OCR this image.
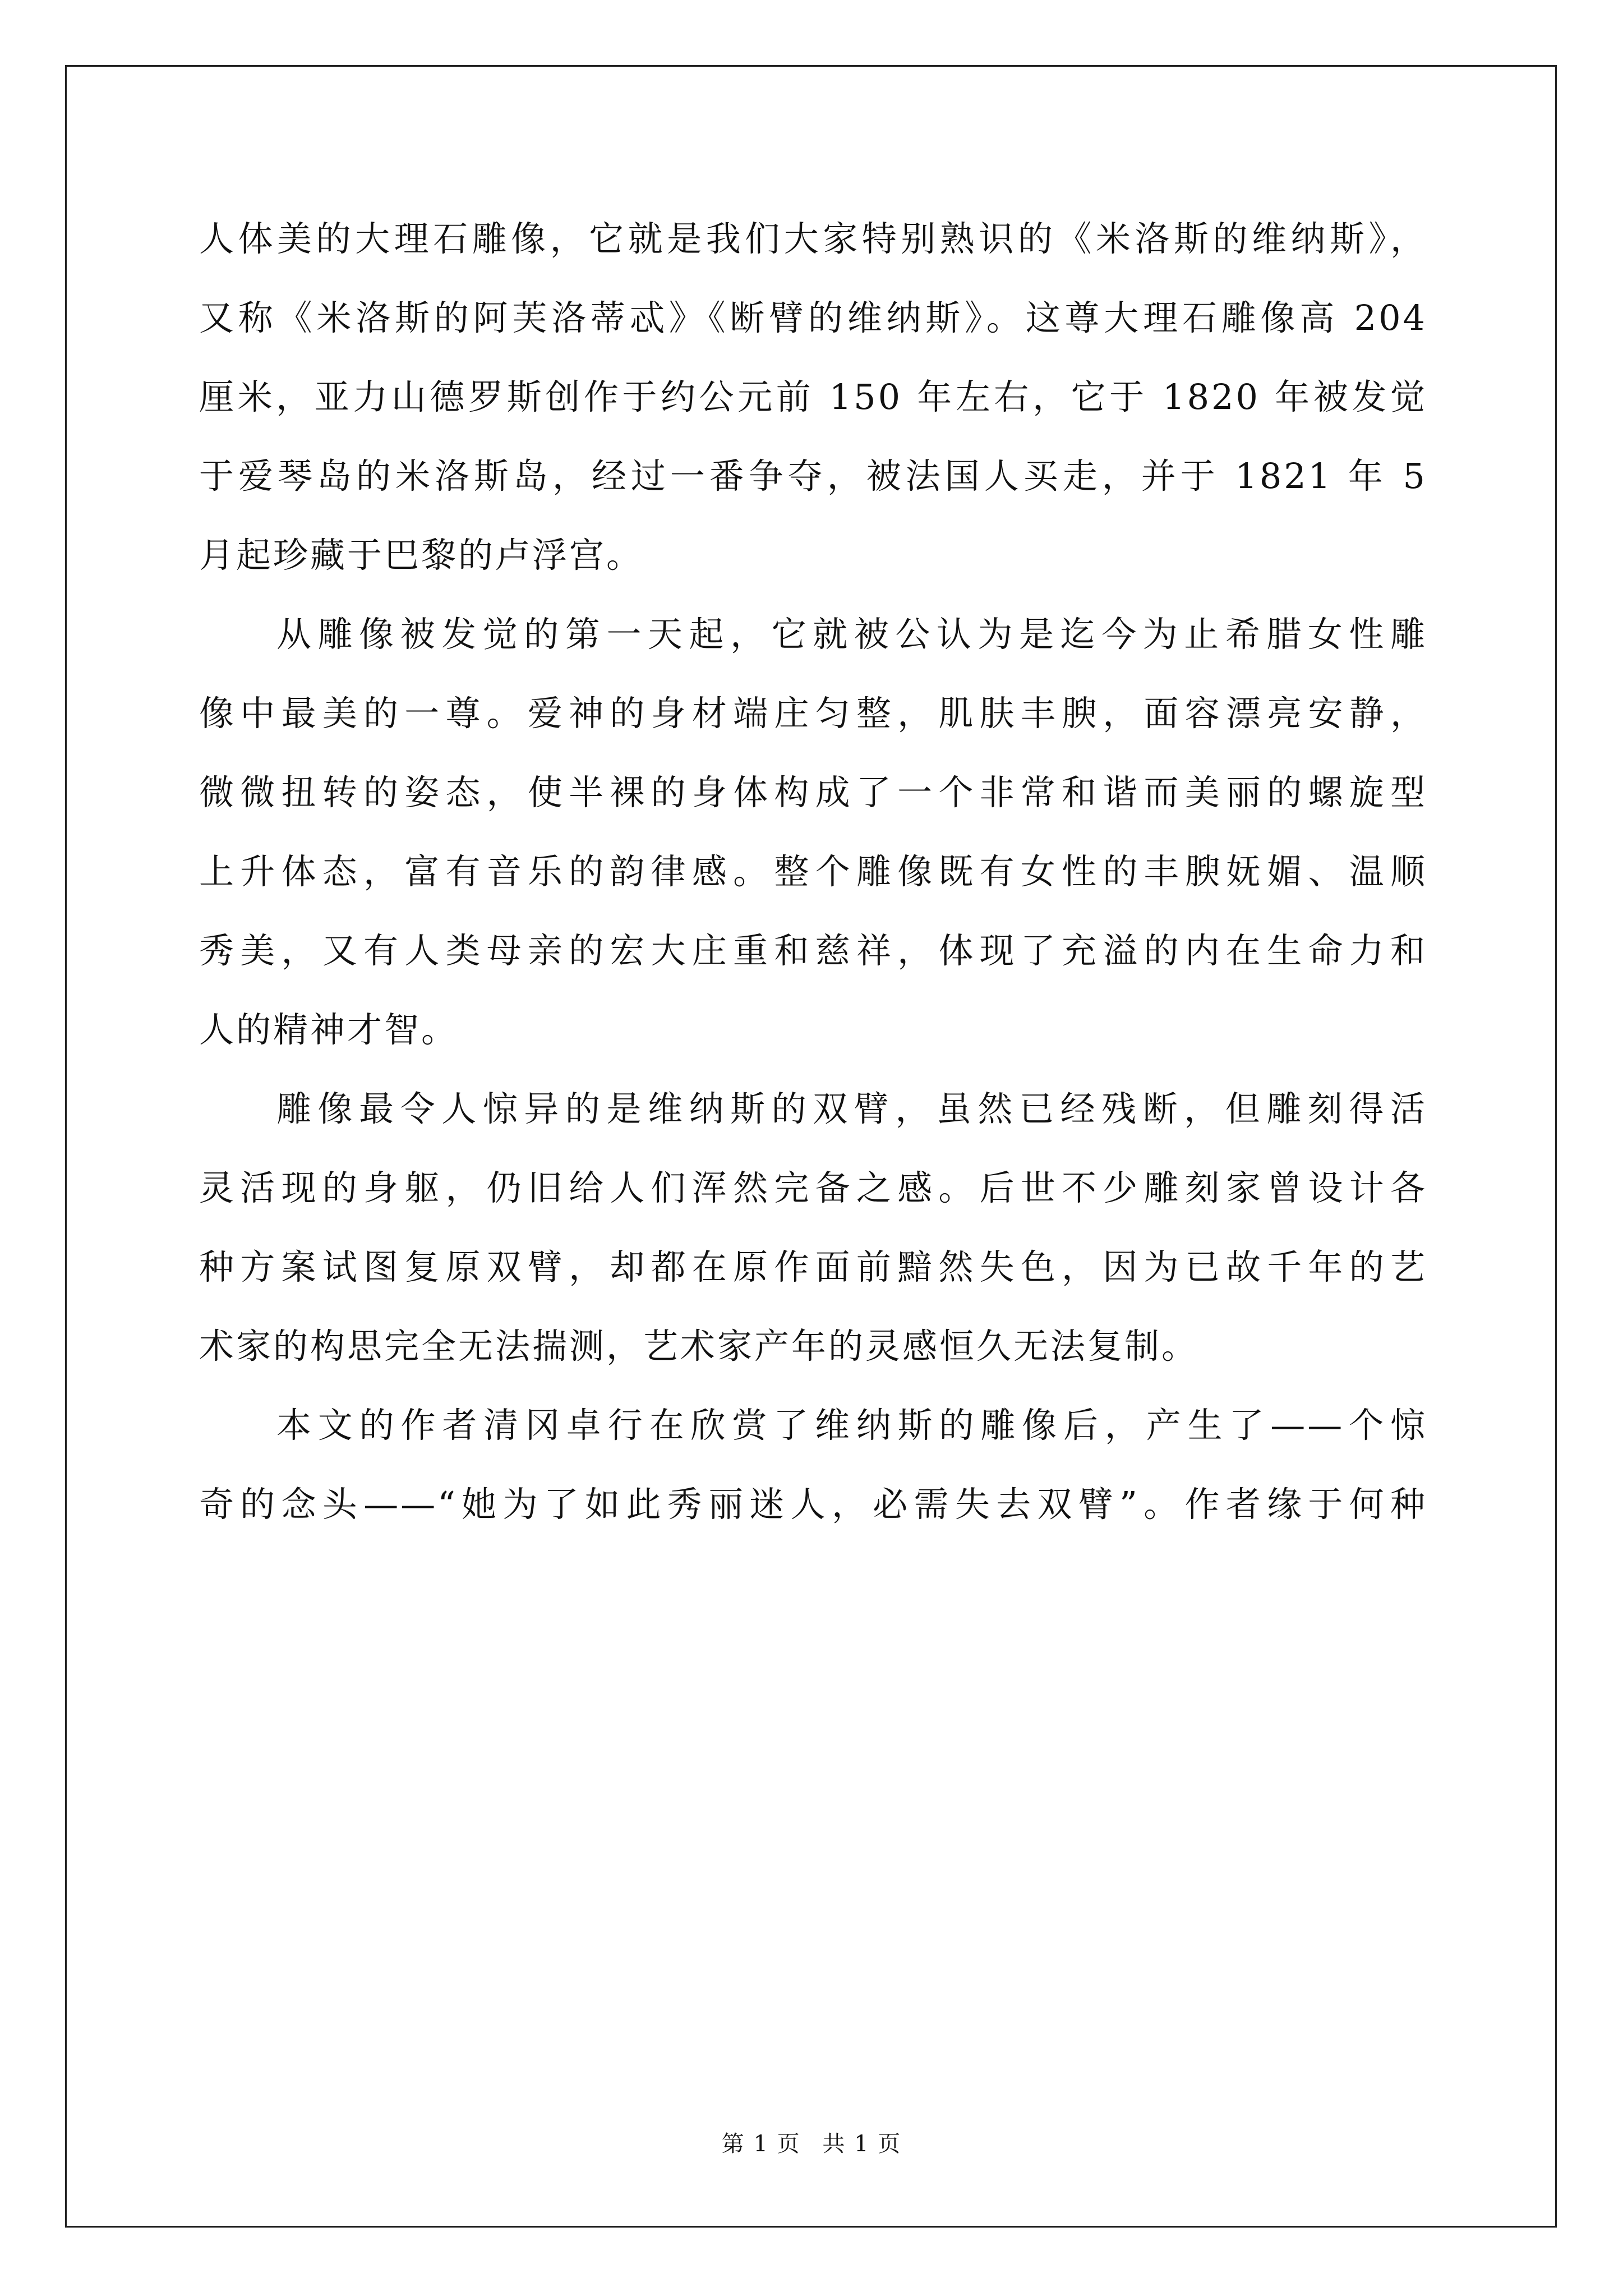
人体美的大理石雕像，它就是我们大家特别熟识的《米洛斯的维纳斯》，
又称《米洛斯的阿芙洛蒂忒》《断臂的维纳斯》。这尊大理石雕像高 204
厘米，亚力山德罗斯创作于约公元前 150 年左右，它于 1820 年被发觉
于爱琴岛的米洛斯岛，经过一番争夺，被法国人买走，并于 1821 年 5
月起珍藏于巴黎的卢浮宫。
从雕像被发觉的第一天起，它就被公认为是迄今为止希腊女性雕
像中最美的一尊。爱神的身材端庄匀整，肌肤丰腴，面容漂亮安静，
微微扭转的姿态，使半裸的身体构成了一个非常和谐而美丽的螺旋型
上升体态，富有音乐的韵律感。整个雕像既有女性的丰腴妩媚、温顺
秀美，又有人类母亲的宏大庄重和慈祥，体现了充溢的内在生命力和
人的精神才智。
雕像最令人惊异的是维纳斯的双臂，虽然已经残断，但雕刻得活
灵活现的身躯，仍旧给人们浑然完备之感。后世不少雕刻家曾设计各
种方案试图复原双臂，却都在原作面前黯然失色，因为已故千年的艺
术家的构思完全无法揣测，艺术家产年的灵感恒久无法复制。
本文的作者清冈卓行在欣赏了维纳斯的雕像后，产生了——个惊
奇的念头——“她为了如此秀丽迷人，必需失去双臂”。作者缘于何种
第 1 页 共 1 页
